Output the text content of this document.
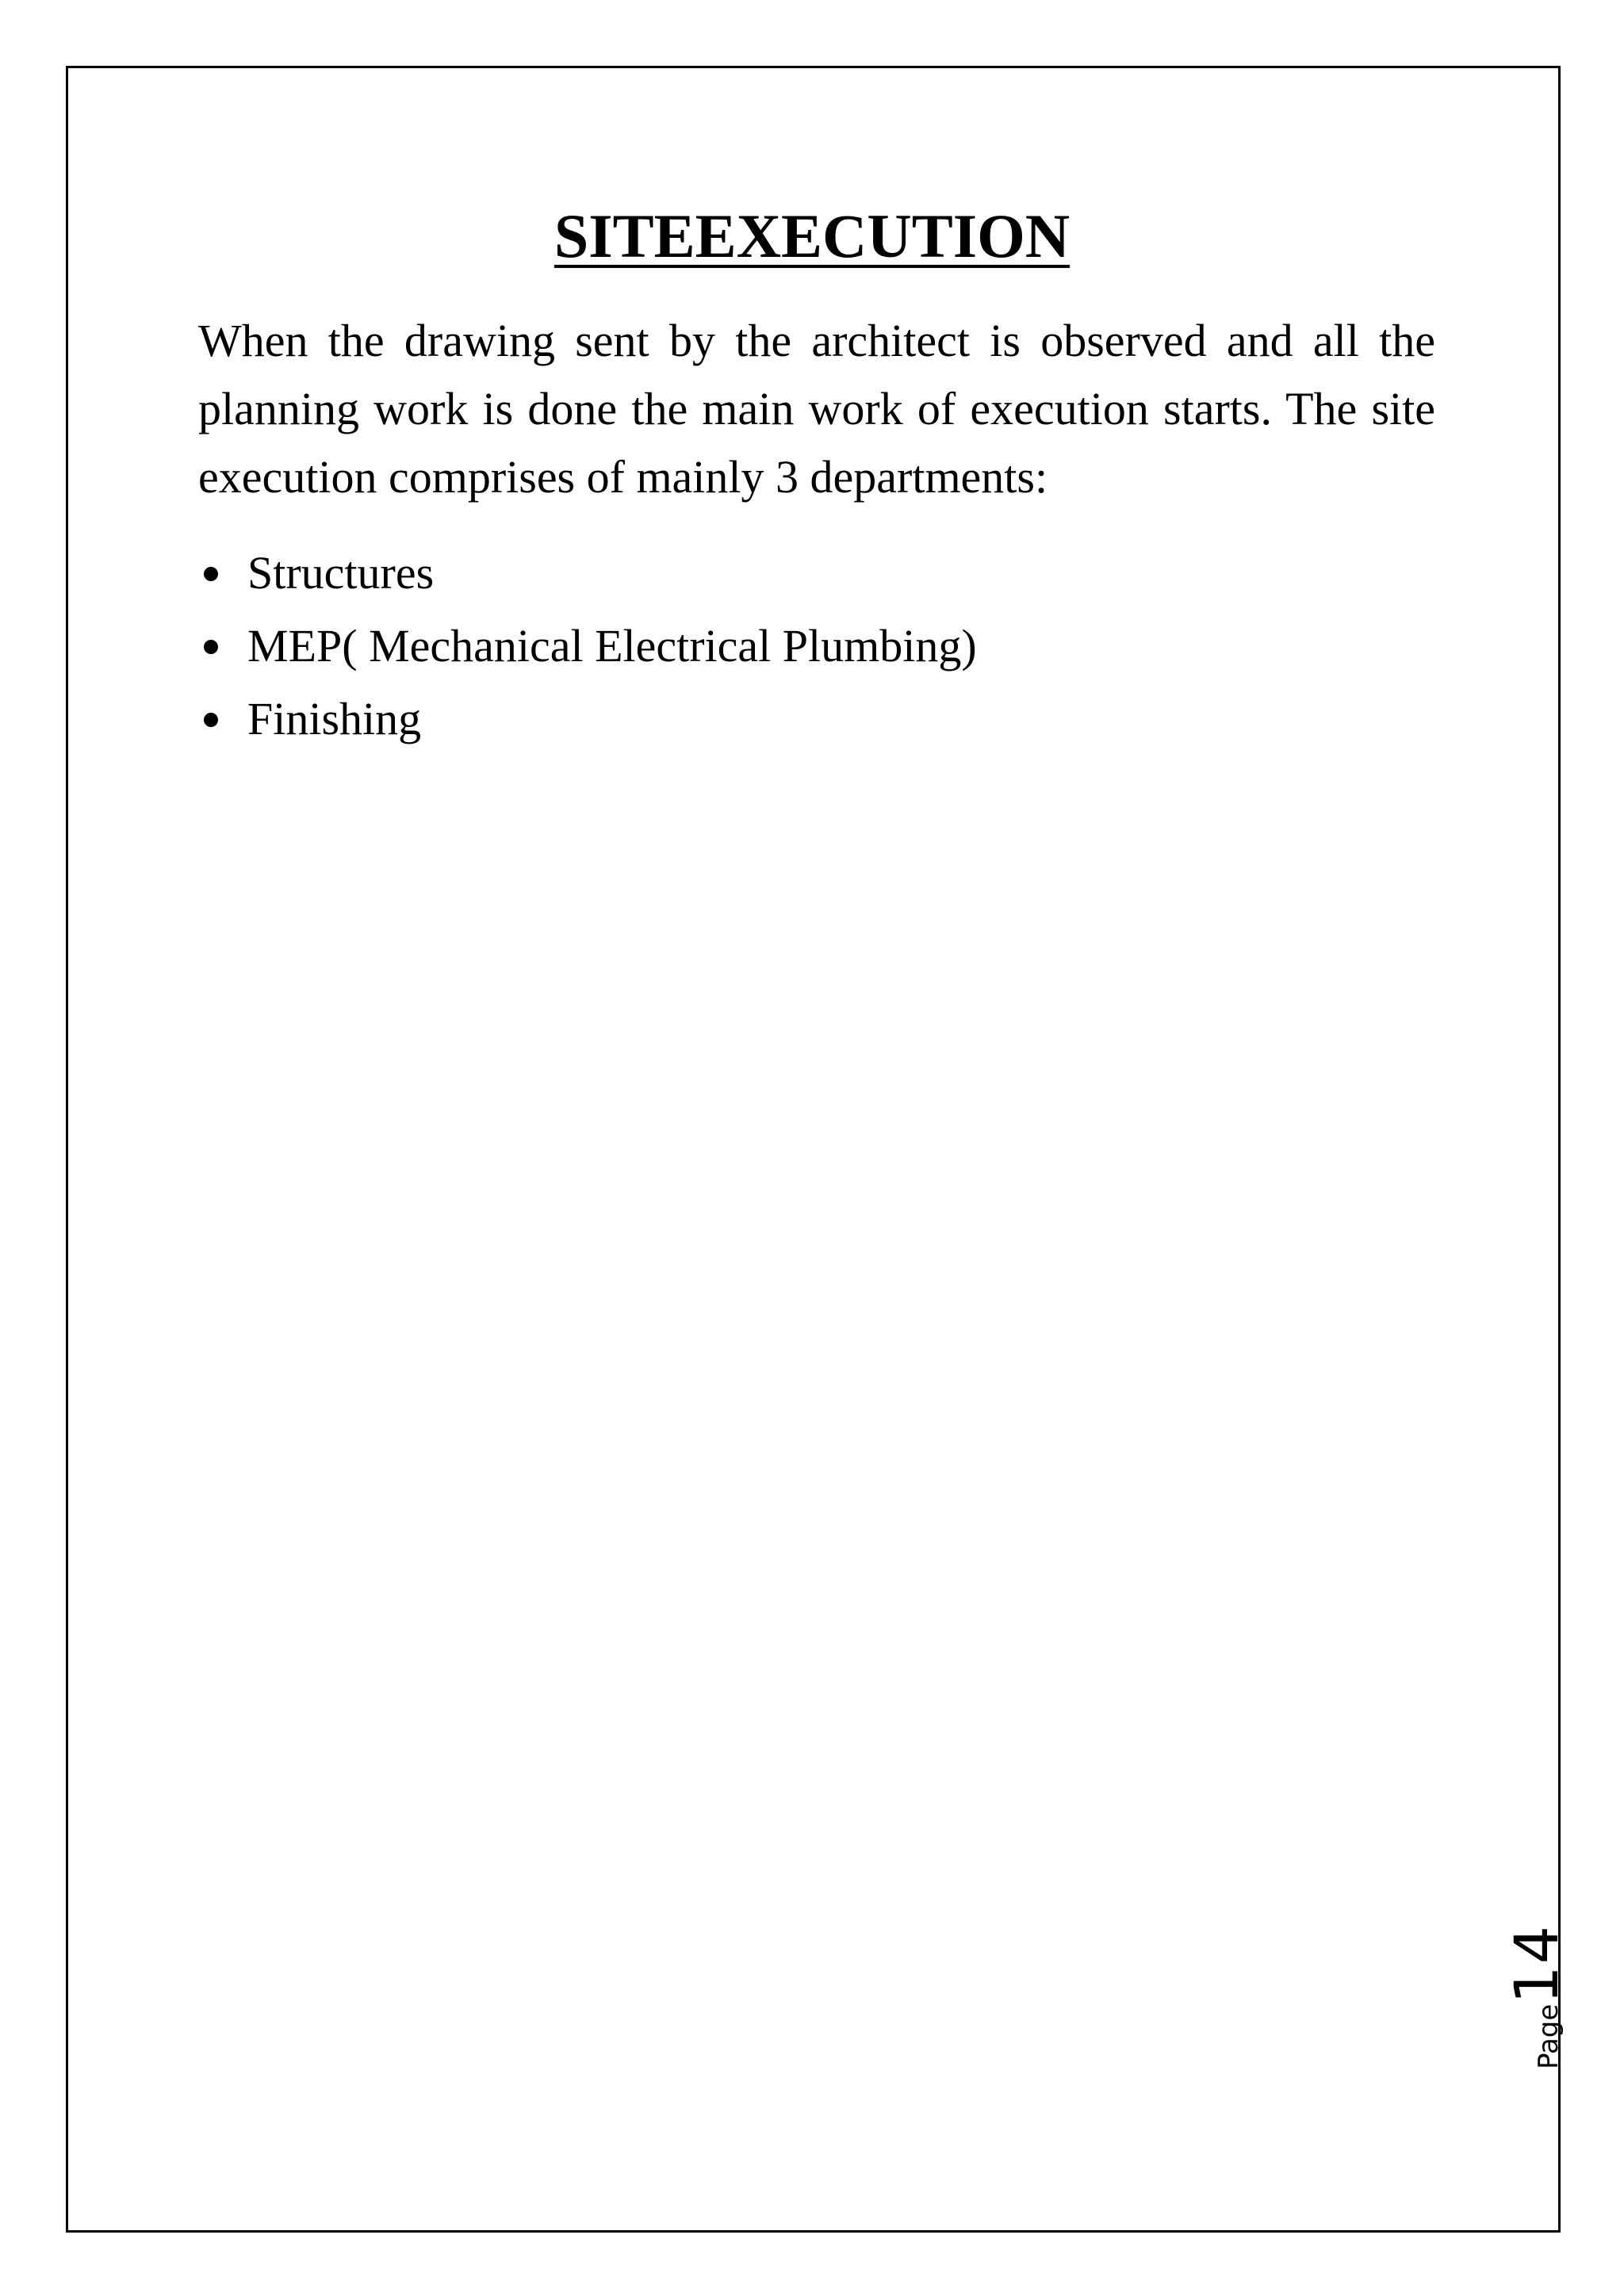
SITEEXECUTION

When the drawing sent by the architect is observed and all the planning work is done the main work of execution starts. The site execution comprises of mainly 3 departments:

Structures
MEP( Mechanical Electrical Plumbing)
Finishing
Page14
